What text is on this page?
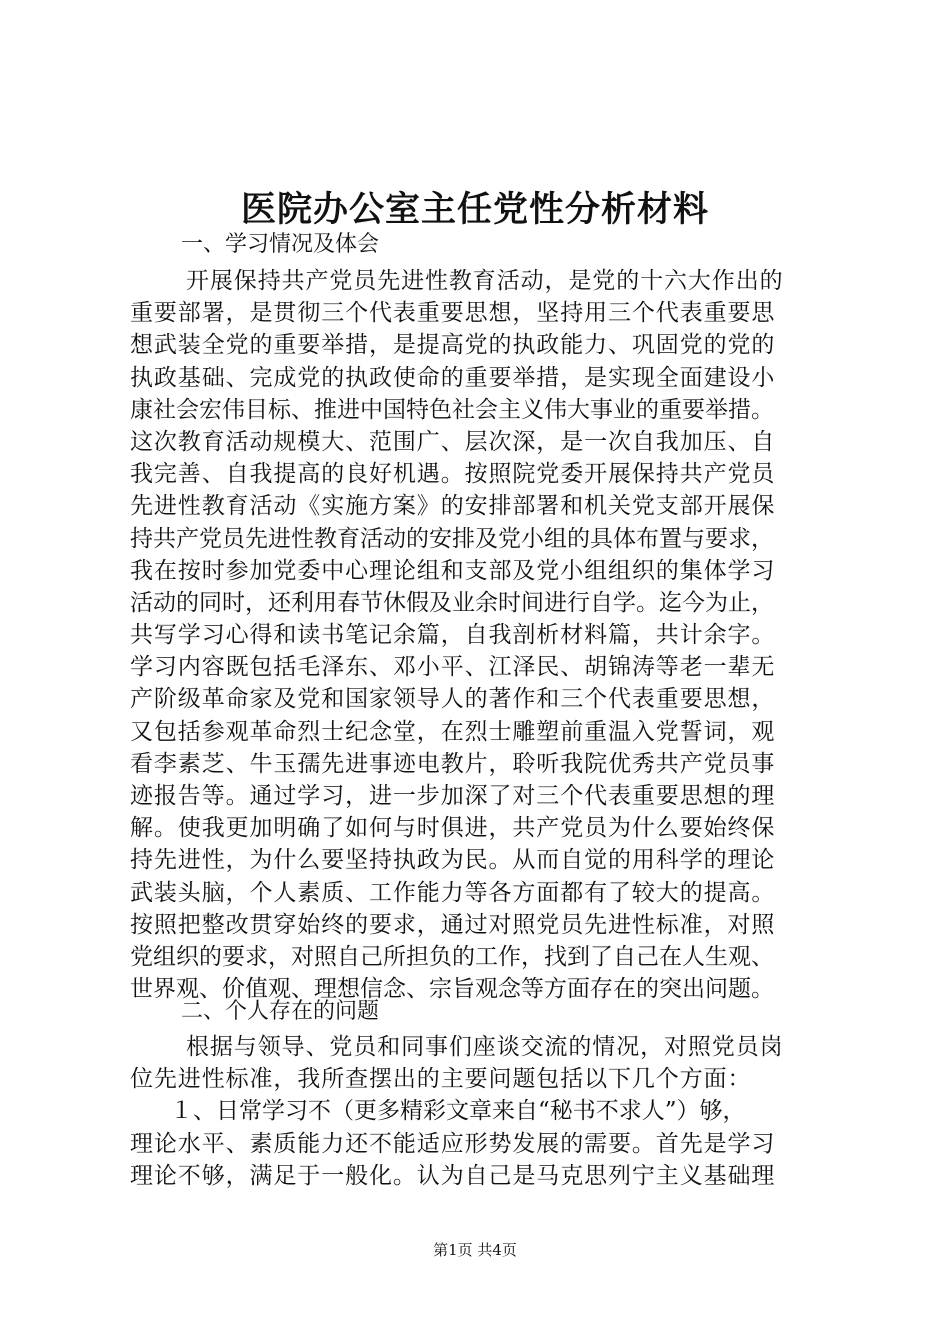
医院办公室主任党性分析材料
一、学习情况及体会
开展保持共产党员先进性教育活动，是党的十六大作出的
重要部署，是贯彻三个代表重要思想，坚持用三个代表重要思
想武装全党的重要举措，是提高党的执政能力、巩固党的党的
执政基础、完成党的执政使命的重要举措，是实现全面建设小
康社会宏伟目标、推进中国特色社会主义伟大事业的重要举措。
这次教育活动规模大、范围广、层次深，是一次自我加压、自
我完善、自我提高的良好机遇。按照院党委开展保持共产党员
先进性教育活动《实施方案》的安排部署和机关党支部开展保
持共产党员先进性教育活动的安排及党小组的具体布置与要求，
我在按时参加党委中心理论组和支部及党小组组织的集体学习
活动的同时，还利用春节休假及业余时间进行自学。迄今为止，
共写学习心得和读书笔记余篇，自我剖析材料篇，共计余字。
学习内容既包括毛泽东、邓小平、江泽民、胡锦涛等老一辈无
产阶级革命家及党和国家领导人的著作和三个代表重要思想，
又包括参观革命烈士纪念堂，在烈士雕塑前重温入党誓词，观
看李素芝、牛玉孺先进事迹电教片，聆听我院优秀共产党员事
迹报告等。通过学习，进一步加深了对三个代表重要思想的理
解。使我更加明确了如何与时俱进，共产党员为什么要始终保
持先进性，为什么要坚持执政为民。从而自觉的用科学的理论
武装头脑，个人素质、工作能力等各方面都有了较大的提高。
按照把整改贯穿始终的要求，通过对照党员先进性标准，对照
党组织的要求，对照自己所担负的工作，找到了自己在人生观、
世界观、价值观、理想信念、宗旨观念等方面存在的突出问题。
二、个人存在的问题
根据与领导、党员和同事们座谈交流的情况，对照党员岗
位先进性标准，我所查摆出的主要问题包括以下几个方面：
１、日常学习不（更多精彩文章来自“秘书不求人”）够，
理论水平、素质能力还不能适应形势发展的需要。首先是学习
理论不够，满足于一般化。认为自己是马克思列宁主义基础理
第1页 共4页
